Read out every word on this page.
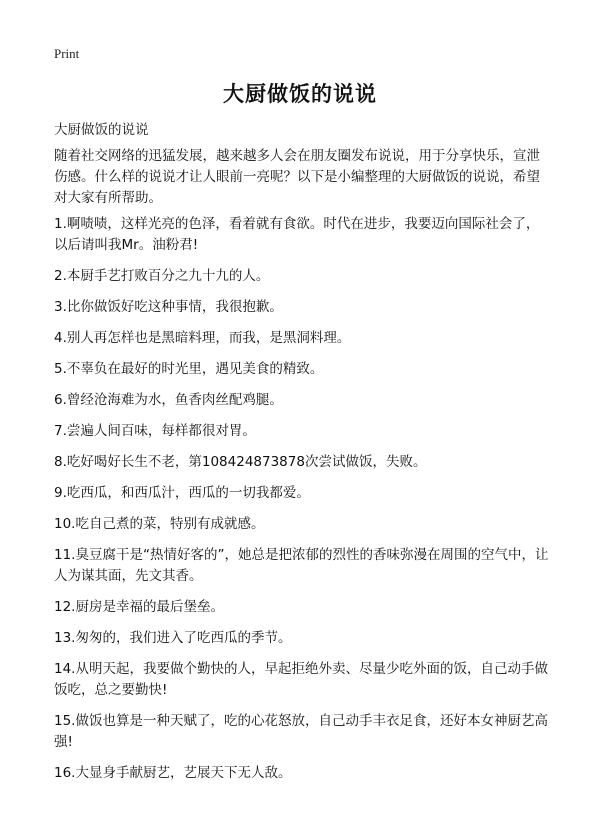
Print
大厨做饭的说说
大厨做饭的说说
随着社交网络的迅猛发展，越来越多人会在朋友圈发布说说，用于分享快乐，宣泄伤感。什么样的说说才让人眼前一亮呢？以下是小编整理的大厨做饭的说说，希望对大家有所帮助。
1.啊啧啧，这样光亮的色泽，看着就有食欲。时代在进步，我要迈向国际社会了，以后请叫我Mr。油粉君!
2.本厨手艺打败百分之九十九的人。
3.比你做饭好吃这种事情，我很抱歉。
4.别人再怎样也是黑暗料理，而我，是黑洞料理。
5.不辜负在最好的时光里，遇见美食的精致。
6.曾经沧海难为水，鱼香肉丝配鸡腿。
7.尝遍人间百味，每样都很对胃。
8.吃好喝好长生不老，第108424873878次尝试做饭，失败。
9.吃西瓜，和西瓜汁，西瓜的一切我都爱。
10.吃自己煮的菜，特别有成就感。
11.臭豆腐干是“热情好客的”，她总是把浓郁的烈性的香味弥漫在周围的空气中，让人为谋其面，先文其香。
12.厨房是幸福的最后堡垒。
13.匆匆的，我们进入了吃西瓜的季节。
14.从明天起，我要做个勤快的人，早起拒绝外卖、尽量少吃外面的饭，自己动手做饭吃，总之要勤快!
15.做饭也算是一种天赋了，吃的心花怒放，自己动手丰衣足食，还好本女神厨艺高强!
16.大显身手献厨艺，艺展天下无人敌。
